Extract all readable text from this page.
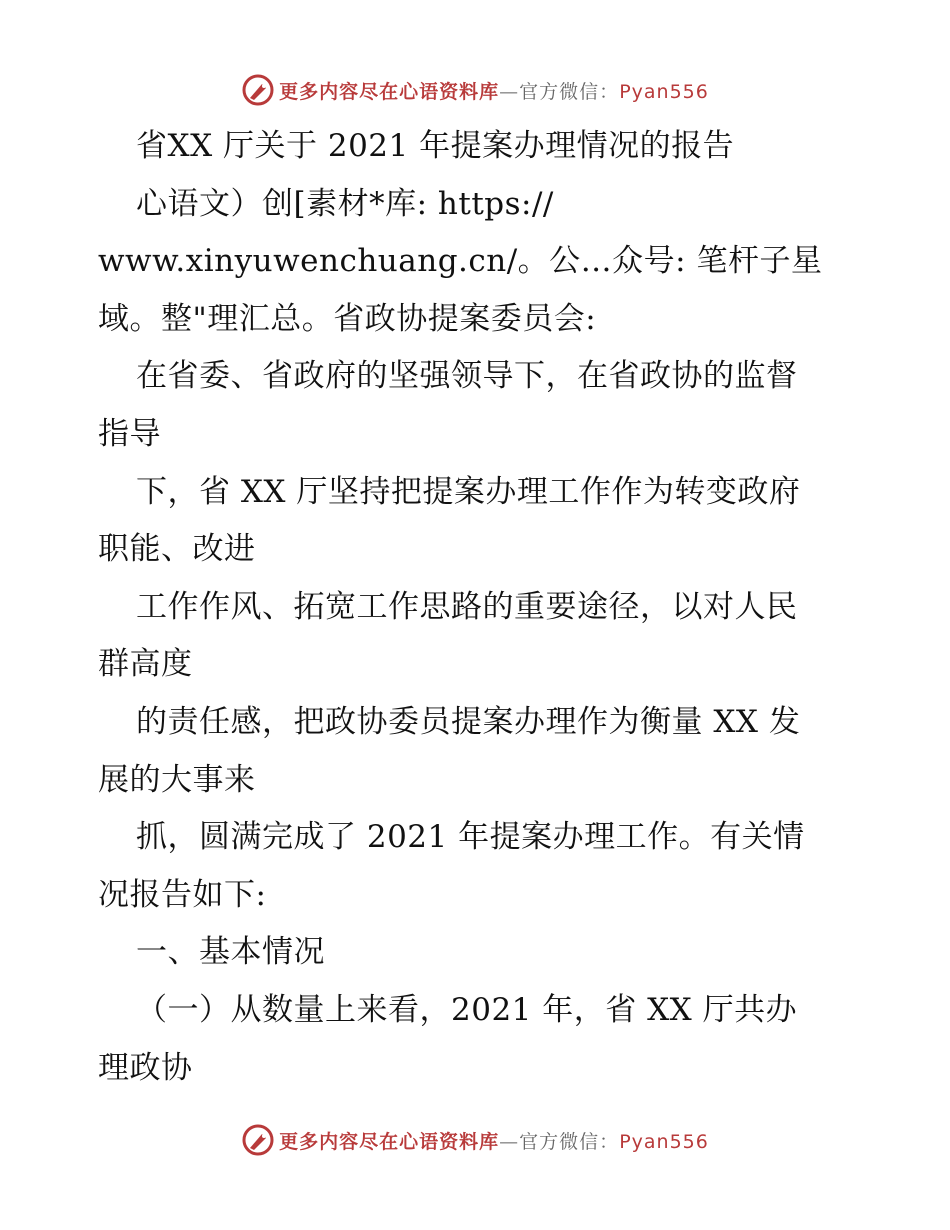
更多内容尽在心语资料库—官方微信：Pyan556
省XX 厅关于 2021 年提案办理情况的报告
心语文）创[素材*库: https://
www.xinyuwenchuang.cn/。公…众号: 笔杆子星
域。整"理汇总。省政协提案委员会:
在省委、省政府的坚强领导下，在省政协的监督
指导
下，省 XX 厅坚持把提案办理工作作为转变政府
职能、改进
工作作风、拓宽工作思路的重要途径，以对人民
群高度
的责任感，把政协委员提案办理作为衡量 XX 发
展的大事来
抓，圆满完成了 2021 年提案办理工作。有关情
况报告如下:
一、基本情况
（一）从数量上来看，2021 年，省 XX 厅共办
理政协
更多内容尽在心语资料库—官方微信：Pyan556
